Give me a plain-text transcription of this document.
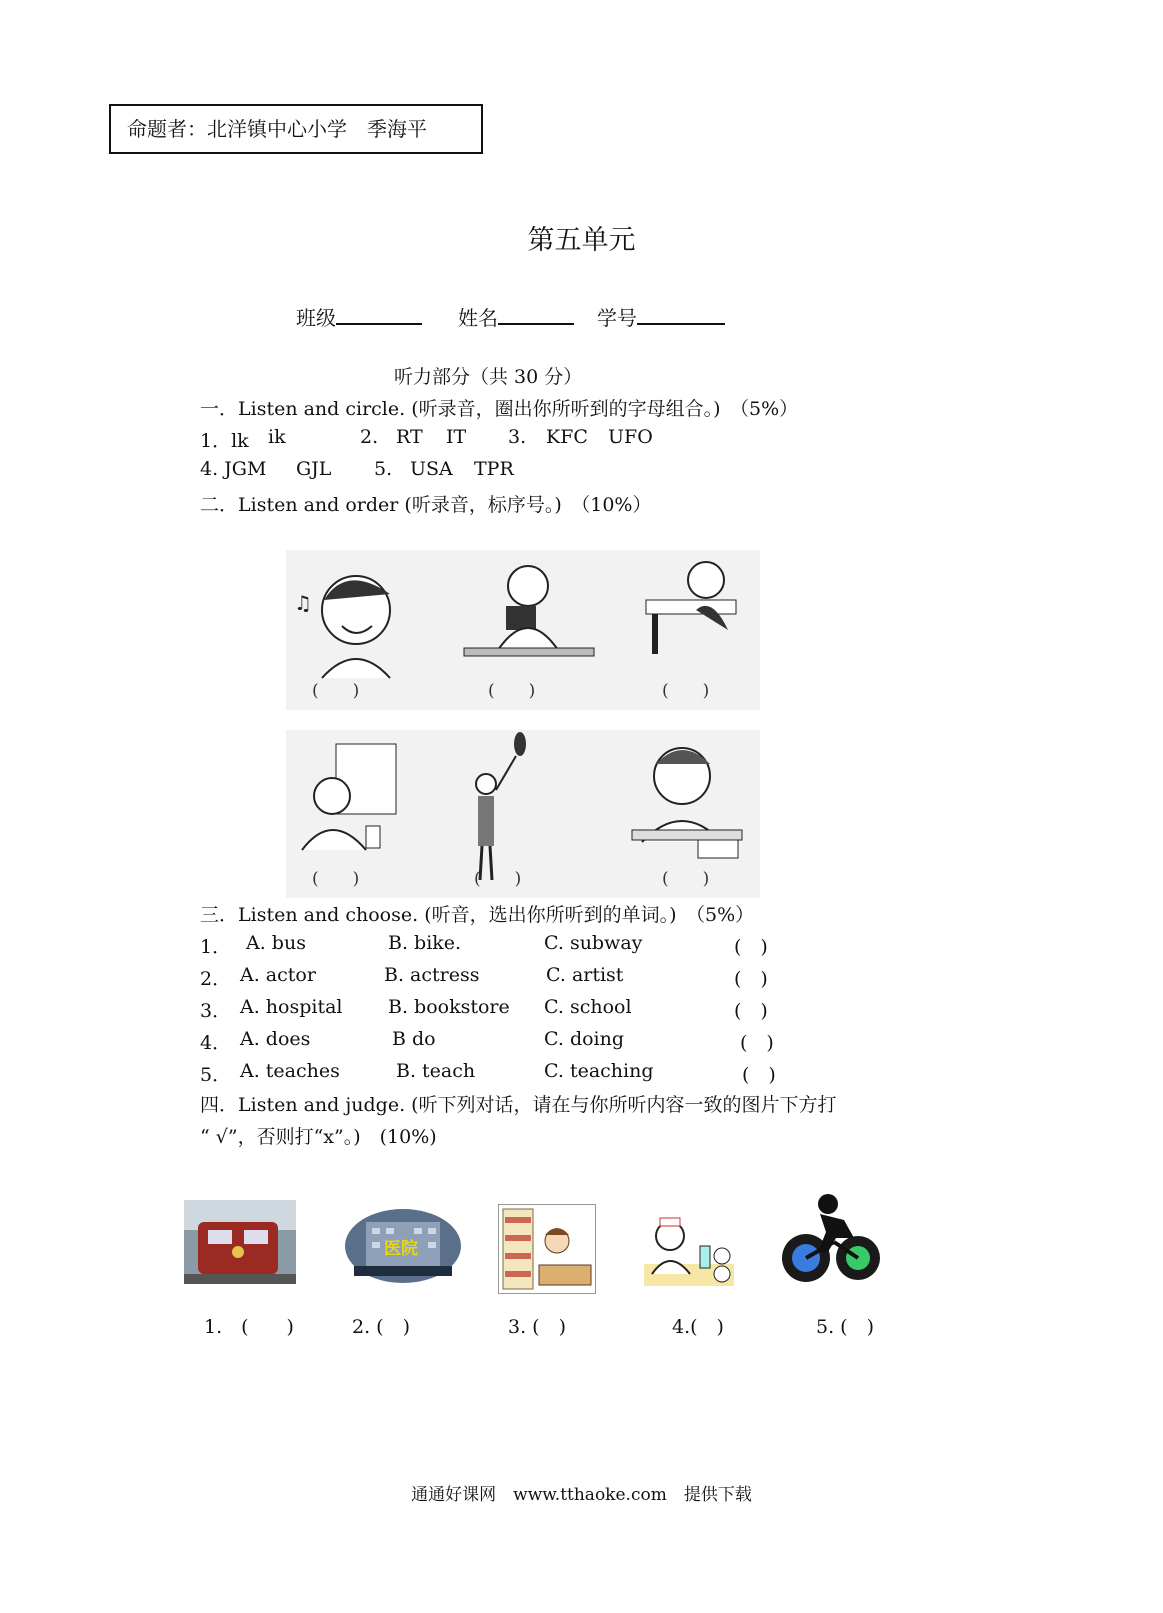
命题者：北洋镇中心小学　季海平
第五单元
班级	姓名	学号
听力部分（共 30 分）
一．Listen and circle. (听录音，圈出你所听到的字母组合。)　（5%）
1．lk ik	2. RT IT 3. KFC UFO
4. JGM GJL 5. USA TPR
二．Listen and order (听录音，标序号。)　（10%）
♫
(　　)	(　　)	(　　)
(　　)	(　　)	(　　)
三．Listen and choose. (听音，选出你所听到的单词。)　（5%）
1． A. bus	B. bike.	C. subway	(　)
2． A. actor	B. actress	C. artist	(　)
3． A. hospital B. bookstore C. school	(　)
4． A. does	B do	C. doing	(　)
5． A. teaches	B. teach	C. teaching	(　)
四．Listen and judge. (听下列对话，请在与你所听内容一致的图片下方打
“ √”，否则打“x”。)　(10%)
医院
1.　(　　)	2. (　)	3. (　)	4.(　)	5. (　)
通通好课网　www.tthaoke.com　提供下载
